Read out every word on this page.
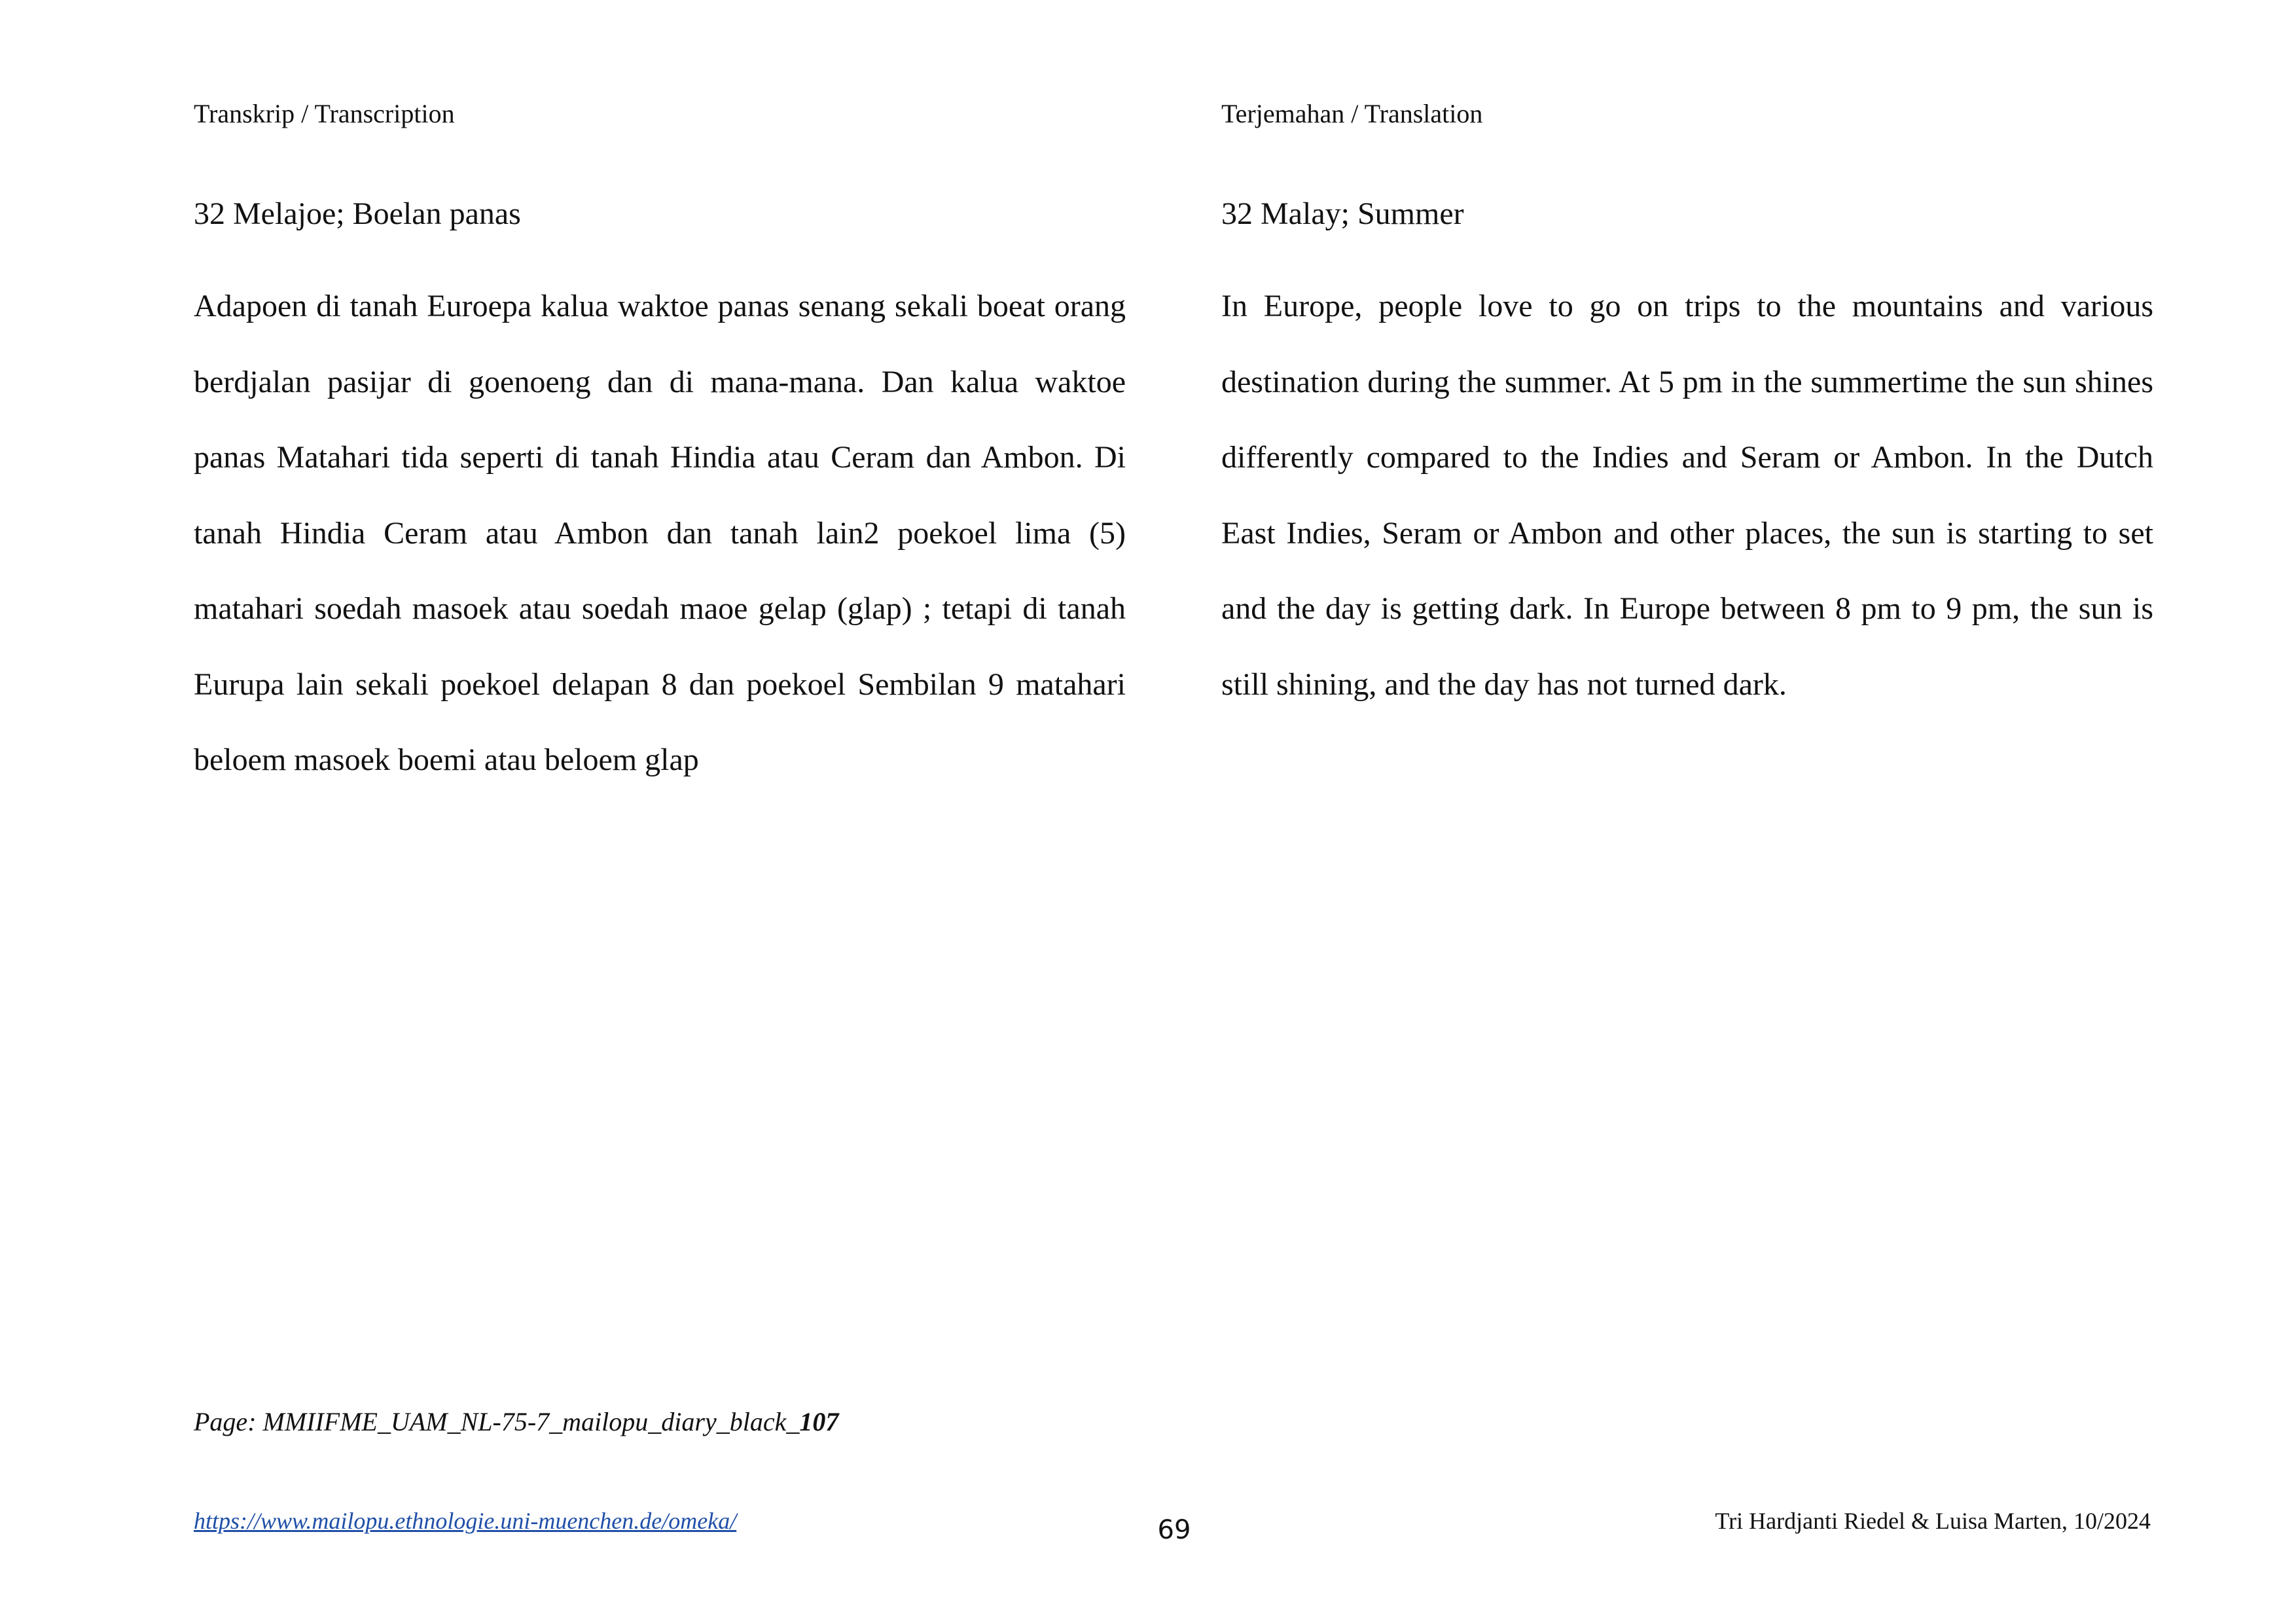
Transkrip / Transcription
32 Melajoe; Boelan panas

Adapoen di tanah Euroepa kalua waktoe panas senang sekali boeat orang berdjalan pasijar di goenoeng dan di mana-mana. Dan kalua waktoe panas Matahari tida seperti di tanah Hindia atau Ceram dan Ambon. Di tanah Hindia Ceram atau Ambon dan tanah lain2 poekoel lima (5) matahari soedah masoek atau soedah maoe gelap (glap) ; tetapi di tanah Eurupa lain sekali poekoel delapan 8 dan poekoel Sembilan 9 matahari beloem masoek boemi atau beloem glap

Terjemahan / Translation
32 Malay; Summer

In Europe, people love to go on trips to the mountains and various destination during the summer. At 5 pm in the summertime the sun shines differently compared to the Indies and Seram or Ambon. In the Dutch East Indies, Seram or Ambon and other places, the sun is starting to set and the day is getting dark. In Europe between 8 pm to 9 pm, the sun is still shining, and the day has not turned dark.

Page: MMIIFME_UAM_NL-75-7_mailopu_diary_black_107
https://www.mailopu.ethnologie.uni-muenchen.de/omeka/	69	Tri Hardjanti Riedel & Luisa Marten, 10/2024
